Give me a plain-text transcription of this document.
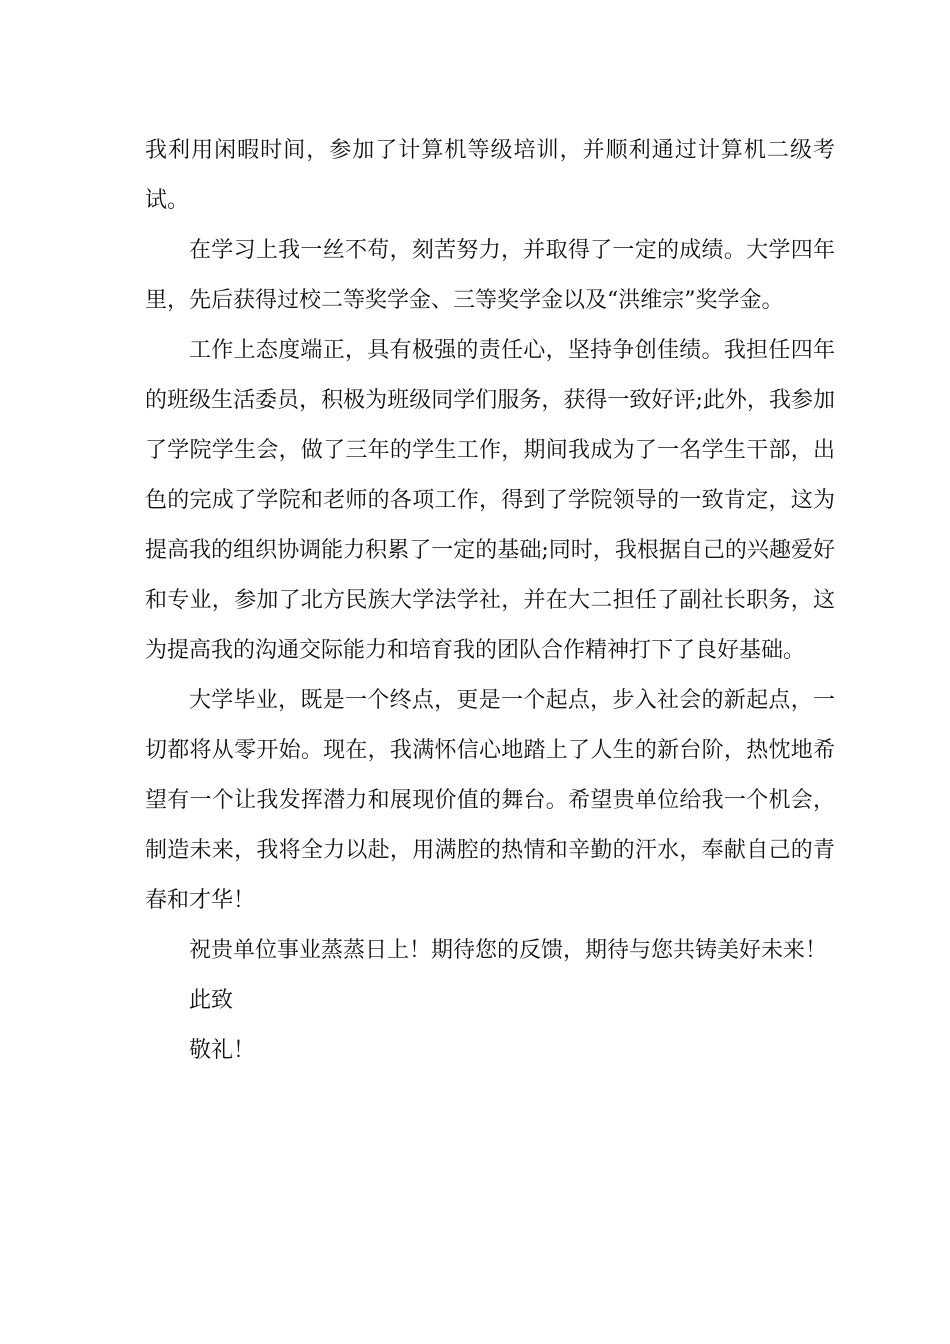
我利用闲暇时间，参加了计算机等级培训，并顺利通过计算机二级考试。

在学习上我一丝不苟，刻苦努力，并取得了一定的成绩。大学四年里，先后获得过校二等奖学金、三等奖学金以及“洪维宗”奖学金。

工作上态度端正，具有极强的责任心，坚持争创佳绩。我担任四年的班级生活委员，积极为班级同学们服务，获得一致好评;此外，我参加了学院学生会，做了三年的学生工作，期间我成为了一名学生干部，出色的完成了学院和老师的各项工作，得到了学院领导的一致肯定，这为提高我的组织协调能力积累了一定的基础;同时，我根据自己的兴趣爱好和专业，参加了北方民族大学法学社，并在大二担任了副社长职务，这为提高我的沟通交际能力和培育我的团队合作精神打下了良好基础。

大学毕业，既是一个终点，更是一个起点，步入社会的新起点，一切都将从零开始。现在，我满怀信心地踏上了人生的新台阶，热忱地希望有一个让我发挥潜力和展现价值的舞台。希望贵单位给我一个机会，制造未来，我将全力以赴，用满腔的热情和辛勤的汗水，奉献自己的青春和才华！

祝贵单位事业蒸蒸日上！期待您的反馈，期待与您共铸美好未来！

此致

敬礼！
